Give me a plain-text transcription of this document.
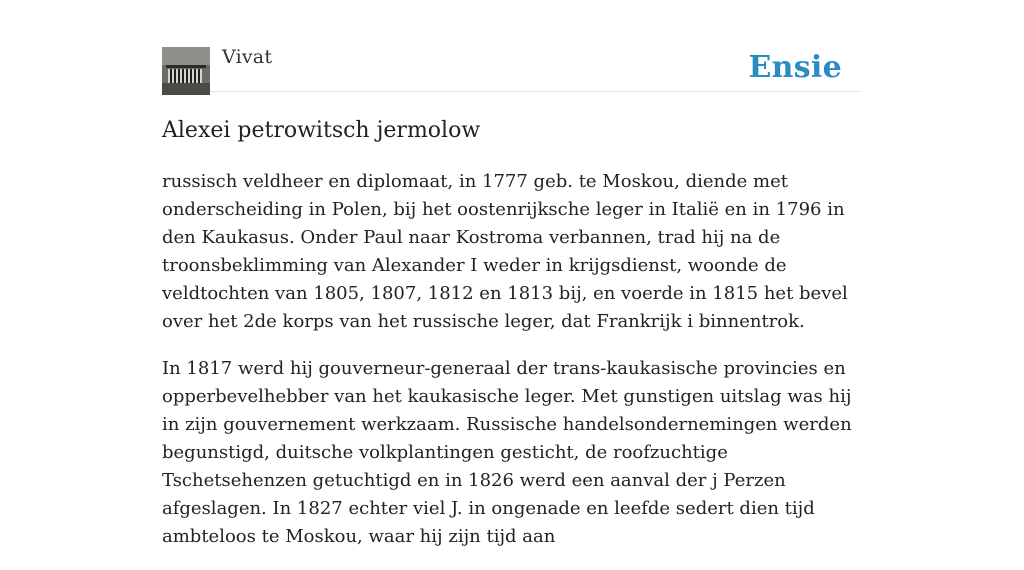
Vivat	Ensie
Alexei petrowitsch jermolow

russisch veldheer en diplomaat, in 1777 geb. te Moskou, diende met onderscheiding in Polen, bij het oostenrijksche leger in Italië en in 1796 in den Kaukasus. Onder Paul naar Kostroma verbannen, trad hij na de troonsbeklimming van Alexander I weder in krijgsdienst, woonde de veldtochten van 1805, 1807, 1812 en 1813 bij, en voerde in 1815 het bevel over het 2de korps van het russische leger, dat Frankrijk i binnentrok.

In 1817 werd hij gouverneur-generaal der trans-kaukasische provincies en opperbevelhebber van het kaukasische leger. Met gunstigen uitslag was hij in zijn gouvernement werkzaam. Russische handelsondernemingen werden begunstigd, duitsche volkplantingen gesticht, de roofzuchtige Tschetsehenzen getuchtigd en in 1826 werd een aanval der j Perzen afgeslagen. In 1827 echter viel J. in ongenade en leefde sedert dien tijd ambteloos te Moskou, waar hij zijn tijd aan
